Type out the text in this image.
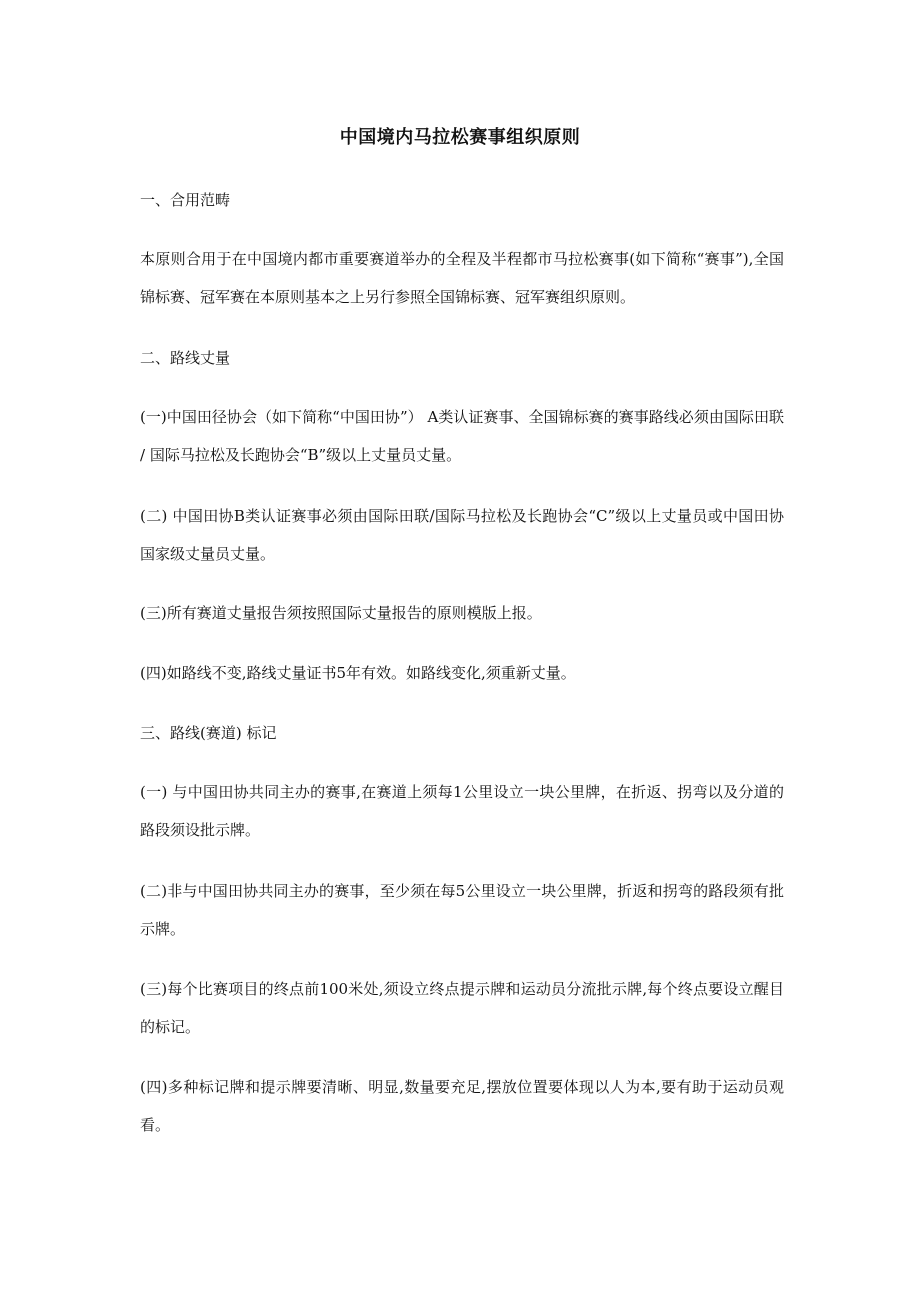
中国境内马拉松赛事组织原则

一、合用范畴

本原则合用于在中国境内都市重要赛道举办的全程及半程都市马拉松赛事(如下简称“赛事”),全国锦标赛、冠军赛在本原则基本之上另行参照全国锦标赛、冠军赛组织原则。

二、路线丈量

(一)中国田径协会（如下简称“中国田协”） A类认证赛事、全国锦标赛的赛事路线必须由国际田联 / 国际马拉松及长跑协会“B”级以上丈量员丈量。

(二) 中国田协B类认证赛事必须由国际田联/国际马拉松及长跑协会“C”级以上丈量员或中国田协国家级丈量员丈量。

(三)所有赛道丈量报告须按照国际丈量报告的原则模版上报。

(四)如路线不变,路线丈量证书5年有效。如路线变化,须重新丈量。

三、路线(赛道) 标记

(一) 与中国田协共同主办的赛事,在赛道上须每1公里设立一块公里牌，在折返、拐弯以及分道的路段须设批示牌。

(二)非与中国田协共同主办的赛事，至少须在每5公里设立一块公里牌，折返和拐弯的路段须有批示牌。

(三)每个比赛项目的终点前100米处,须设立终点提示牌和运动员分流批示牌,每个终点要设立醒目的标记。

(四)多种标记牌和提示牌要清晰、明显,数量要充足,摆放位置要体现以人为本,要有助于运动员观看。
